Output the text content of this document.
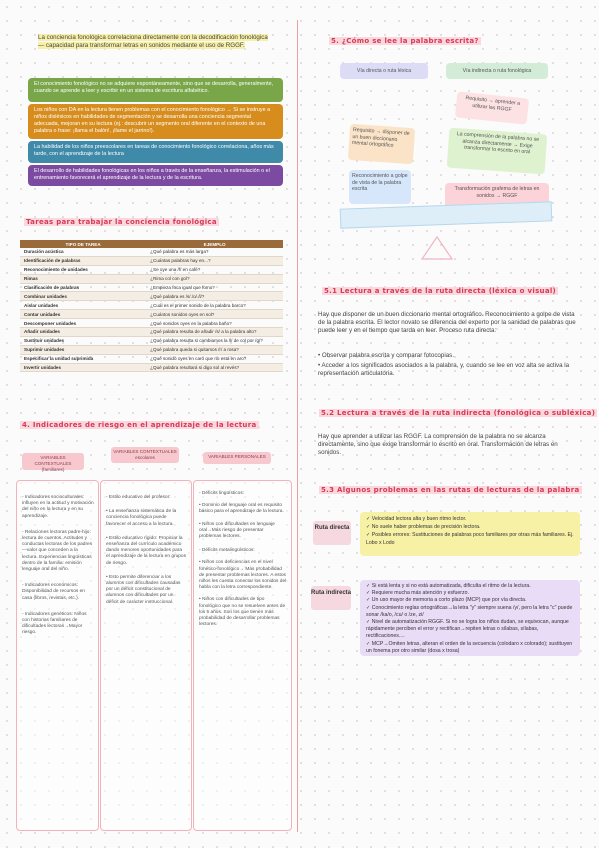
La conciencia fonológica correlaciona directamente con la decodificación fonológica — capacidad para transformar letras en sonidos mediante el uso de RGGF.
El conocimiento fonológico no se adquiere espontáneamente, sino que se desarrolla, generalmente, cuando se aprende a leer y escribir en un sistema de escritura alfabético.
Los niños con DA en la lectura tienen problemas con el conocimiento fonológico → Si se instruye a niños disléxicos en habilidades de segmentación y se desarrolla una conciencia segmental adecuada, mejoran en su lectura (ej.: descubrir un segmento oral diferente en el contexto de una palabra o frase: ¡llama el balón!, ¡llame el jarrino!).
La habilidad de los niños preescolares en tareas de conocimiento fonológico correlaciona, años más tarde, con el aprendizaje de la lectura
El desarrollo de habilidades fonológicas en los niños a través de la enseñanza, la estimulación o el entrenamiento favorecerá el aprendizaje de la lectura y de la escritura.
Tareas para trabajar la conciencia fonológica
TIPO DE TAREA	EJEMPLO
Duración acústica	¿Qué palabra es más larga?
Identificación de palabras	¿Cuántas palabras hay en...?
Reconocimiento de unidades	¿Se oye una /f/ en café?
Rimas	¿Rima col con gol?
Clasificación de palabras	¿Empieza foca igual que fomo?
Combinar unidades	¿Qué palabra es /s/./o/./l/?
Aislar unidades	¿Cuál es el primer sonido de la palabra barco?
Contar unidades	¿Cuántos sonidos oyes en sol?
Descomponer unidades	¿Qué sonidos oyes en la palabra baño?
Añadir unidades	¿Qué palabra resulta de añadir /s/ a la palabra alto?
Sustituir unidades	¿Qué palabra resulta si cambiamos la /l/ de col por /g/?
Suprimir unidades	¿Qué palabra queda si quitamos /r/ a rosa?
Especificar la unidad suprimida	¿Qué sonido oyes en caro que no está en aro?
Invertir unidades	¿Qué palabra resultará si digo sol al revés?
4. Indicadores de riesgo en el aprendizaje de la lectura
VARIABLES CONTEXTUALES (familiares)
VARIABLES CONTEXTUALES escolares	VARIABLES PERSONALES
- Indicadores socioculturales: influyen en la actitud y motivación del niño en la lectura y en su aprendizaje.
- Relaciones lectoras padre-hijo: lectura de cuentos. Actitudes y conductas lectoras de los padres—valor que conceden a la lectura. Experiencias lingüísticas dentro de la familia: emisión lenguaje oral del niño.
- Indicadores económicos: Disponibilidad de recursos en casa (libros, revistas, etc.).
- Indicadores genéticos: Niños con historias familiares de dificultades lectoras→Mayor riesgo.
- Estilo educativo del profesor:
• La enseñanza sistemática de la conciencia fonológica puede favorecer el acceso a la lectura.
• Estilo educativo rígido: Propiciar la enseñanza del currículo académico dando menores oportunidades para el aprendizaje de la lectura en grupos de riesgo.
• Esto permite diferenciar a los alumnos con dificultades causadas por un déficit constitucional de alumnos con dificultades por un déficit de carácter instruccional.
- Déficits lingüísticos:
• Dominio del lenguaje oral es requisito básico para el aprendizaje de la lectura.
• Niños con dificultades en lenguaje oral→Más riesgo de presentar problemas lectores.
- Déficits metalingüísticos:
• Niños con deficiencias en el nivel fonético-fonológico→ Más probabilidad de presentar problemas lectores. A estos niños les cuesta conectar los sonidos del habla con la letra correspondiente.
• Niños con dificultades de tipo fonológico que no se resuelven antes de los 5 años. Son los que tienen más probabilidad de desarrollar problemas lectores.
5. ¿Cómo se lee la palabra escrita?
Vía directa o ruta léxica	Vía indirecta o ruta fonológica
Requisito → aprender a utilizar las RGGF
Requisito → disponer de un buen diccionario mental ortográfico
La comprensión de la palabra no se alcanza directamente → Exige transformar lo escrito en oral
Reconocimiento a golpe de vista de la palabra escrita	Transformación grafema de letras en sonidos → RGGF
5.1 Lectura a través de la ruta directa (léxica o visual)
Hay que disponer de un buen diccionario mental ortográfico. Reconocimiento a golpe de vista de la palabra escrita. El lector novato se diferencia del experto por la sanidad de palabras que puede leer y en el tiempo que tarda en leer. Proceso ruta directa:
• Observar palabra escrita y comparar fotocopias.
• Acceder a los significados asociados a la palabra, y, cuando se lee en voz alta se activa la representación articulatoria.
5.2 Lectura a través de la ruta indirecta (fonológica o subléxica)
Hay que aprender a utilizar las RGGF. La comprensión de la palabra no se alcanza directamente, sino que exige transformar lo escrito en oral. Transformación de letras en sonidos.
5.3 Algunos problemas en las rutas de lecturas de la palabra
Ruta directa
✓ Velocidad lectora alta y buen ritmo lector.
✓ No suele haber problemas de precisión lectora.
✓ Posibles errores: Sustituciones de palabras poco familiares por otras más familiares. Ej. Lobo x Lodo
Ruta indirecta
✓ Si está lenta y si no está automatizada, dificulta el ritmo de la lectura.
✓ Requiere mucha más atención y esfuerzo.
✓ Un uso mayor de memoria a corto plazo (MCP) que por vía directa.
✓ Conocimiento reglas ortográficas→la letra "y" siempre suena /y/, pero la letra "c" puede sonar /ka/o, /cu/ o /ze, zi/
✓ Nivel de automatización RGGF. Si no se logra los niños dudan, se equivocan, aunque rápidamente perciben el error y rectifican→repiten letras o sílabas, sílabas, rectificaciones....
✓ MCP→Omiten letras, alteran el orden de la secuencia (colodaro x colorado); sustituyen un fonema por otro similar (dosa x trosa)
